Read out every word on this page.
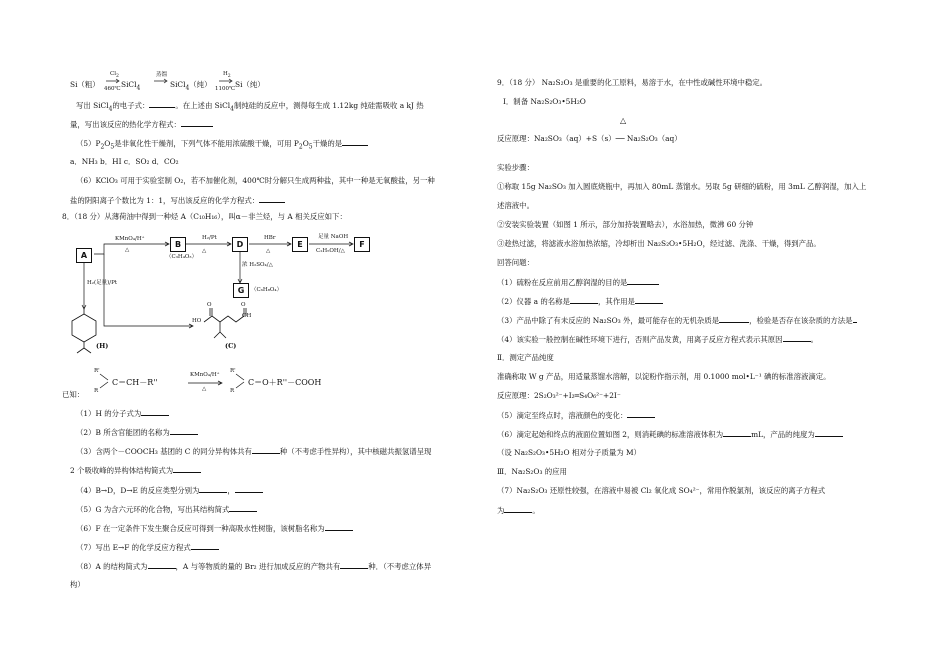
Si（粗）
$Cl_2$
460℃ SiCl$_4$
蒸馏
SiCl$_4$（纯）
$H_2$
1100℃ Si（纯）
写出 SiCl$_4$的电子式：	。在上述由 SiCl$_4$制纯硅的反应中，测得每生成 1.12kg 纯硅需吸收 a kJ 热
量，写出该反应的热化学方程式：
$(5)P_2O_5$是非氧化性干燥剂，下列气体不能用浓硫酸干燥，可用 $P_2O_5$干燥的是
a．NH₃ b．HI c．SO₂ d．CO₂
（6）KClO₃ 可用于实验室制 O₂，若不加催化剂，400℃时分解只生成两种盐，其中一种是无氧酸盐，另一种
盐的阴阳离子个数比为 1：1，写出该反应的化学方程式：
8．（18 分）从薄荷油中得到一种烃 A（C₁₀H₁₆），叫α－非兰烃，与 A 相关反应如下：
A
B	D	E	F
G
KMnO₄/H⁺
△
H₂/Pt
△
（C₃H₄O₃）
HBr
△
足量 NaOH
C₂H₅OH/△
浓 H₂SO₄/△
（C₆H₈O₄）
H₂(足量)/Pt
(H)	(C)
HO
OH
O	O
已知：
R'
R
C＝CH－R''
KMnO₄/H⁺
△
R'
R
C＝O＋R''－COOH
（1）H 的分子式为
（2）B 所含官能团的名称为
（3）含两个－COOCH₃ 基团的 C 的同分异构体共有	种（不考虑手性异构），其中核磁共振氢谱呈现
2 个吸收峰的异构体结构简式为
（4）B→D，D→E 的反应类型分别为	，
（5）G 为含六元环的化合物，写出其结构简式
（6）F 在一定条件下发生聚合反应可得到一种高吸水性树脂，该树脂名称为
（7）写出 E→F 的化学反应方程式
（8）A 的结构简式为	，A 与等物质的量的 Br₂ 进行加成反应的产物共有	种．（不考虑立体异
构）
9．（18 分） Na₂S₂O₃ 是重要的化工原料，易溶于水，在中性或碱性环境中稳定。
Ⅰ．制备 Na₂S₂O₃•5H₂O
△
反应原理：Na₂SO₃（aq）+S（s）── Na₂S₂O₃（aq）
实验步骤：
①称取 15g Na₂SO₃ 加入圆底烧瓶中，再加入 80mL 蒸馏水。另取 5g 研细的硫粉，用 3mL 乙醇润湿，加入上
述溶液中。
②安装实验装置（如图 1 所示，部分加持装置略去），水浴加热，微沸 60 分钟
③趁热过滤，将滤液水浴加热浓缩，冷却析出 Na₂S₂O₃•5H₂O，经过滤、洗涤、干燥，得到产品。
回答问题：
（1）硫粉在反应前用乙醇润湿的目的是
（2）仪器 a 的名称是	，其作用是
（3）产品中除了有未反应的 Na₂SO₃ 外，最可能存在的无机杂质是	，检验是否存在该杂质的方法是
（4）该实验一般控制在碱性环境下进行，否则产品发黄，用离子反应方程式表示其原因	。
Ⅱ．测定产品纯度
准确称取 W g 产品，用适量蒸馏水溶解，以淀粉作指示剂，用 0.1000 mol•L⁻¹ 碘的标准溶液滴定。
反应原理：2S₂O₃²⁻+I₂═S₄O₆²⁻+2I⁻
（5）滴定至终点时，溶液颜色的变化：
（6）滴定起始和终点的液面位置如图 2，则消耗碘的标准溶液体积为	mL，产品的纯度为
（设 Na₂S₂O₃•5H₂O 相对分子质量为 M）
Ⅲ．Na₂S₂O₃ 的应用
（7）Na₂S₂O₃ 还原性较强，在溶液中易被 Cl₂ 氧化成 SO₄²⁻，常用作脱氯剂，该反应的离子方程式
为	。
